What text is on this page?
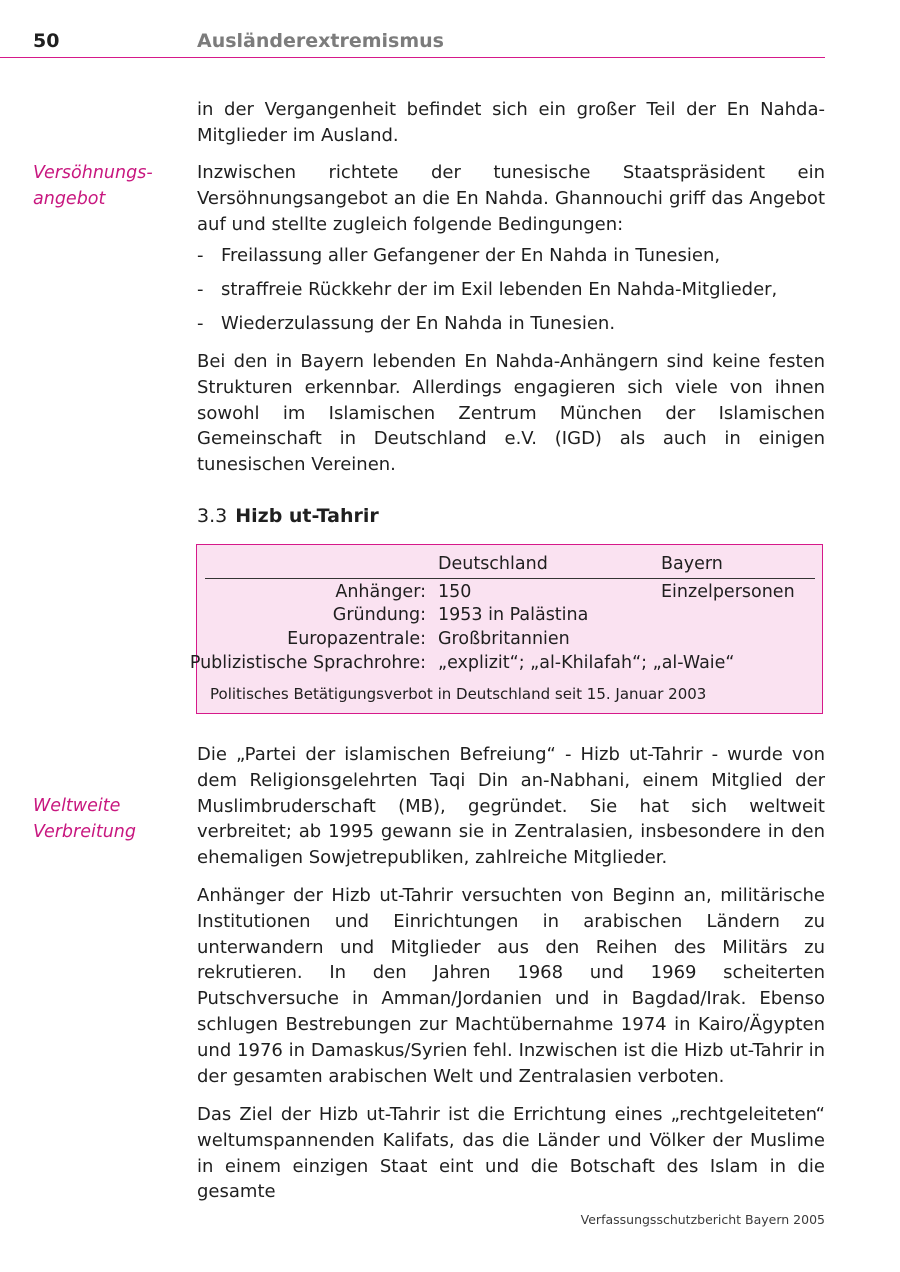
50	Ausländerextremismus
Versöhnungs-
angebot
Weltweite
Verbreitung

in der Vergangenheit befindet sich ein großer Teil der En Nahda-Mitglieder im Ausland.

Inzwischen richtete der tunesische Staatspräsident ein Versöhnungsangebot an die En Nahda. Ghannouchi griff das Angebot auf und stellte zugleich folgende Bedingungen:

- Freilassung aller Gefangener der En Nahda in Tunesien,
- straffreie Rückkehr der im Exil lebenden En Nahda-Mitglieder,
- Wiederzulassung der En Nahda in Tunesien.

Bei den in Bayern lebenden En Nahda-Anhängern sind keine festen Strukturen erkennbar. Allerdings engagieren sich viele von ihnen sowohl im Islamischen Zentrum München der Islamischen Gemeinschaft in Deutschland e.V. (IGD) als auch in einigen tunesischen Vereinen.

3.3 Hizb ut-Tahrir
Deutschland	Bayern
Anhänger: 150	Einzelpersonen
Gründung: 1953 in Palästina
Europazentrale: Großbritannien
Publizistische Sprachrohre: „explizit“; „al-Khilafah“; „al-Waie“
Politisches Betätigungsverbot in Deutschland seit 15. Januar 2003

Die „Partei der islamischen Befreiung“ - Hizb ut-Tahrir - wurde von dem Religionsgelehrten Taqi Din an-Nabhani, einem Mitglied der Muslimbruderschaft (MB), gegründet. Sie hat sich weltweit verbreitet; ab 1995 gewann sie in Zentralasien, insbesondere in den ehemaligen Sowjetrepubliken, zahlreiche Mitglieder.

Anhänger der Hizb ut-Tahrir versuchten von Beginn an, militärische Institutionen und Einrichtungen in arabischen Ländern zu unterwandern und Mitglieder aus den Reihen des Militärs zu rekrutieren. In den Jahren 1968 und 1969 scheiterten Putschversuche in Amman/Jordanien und in Bagdad/Irak. Ebenso schlugen Bestrebungen zur Machtübernahme 1974 in Kairo/Ägypten und 1976 in Damaskus/Syrien fehl. Inzwischen ist die Hizb ut-Tahrir in der gesamten arabischen Welt und Zentralasien verboten.

Das Ziel der Hizb ut-Tahrir ist die Errichtung eines „rechtgeleiteten“ weltumspannenden Kalifats, das die Länder und Völker der Muslime in einem einzigen Staat eint und die Botschaft des Islam in die gesamte

Verfassungsschutzbericht Bayern 2005
